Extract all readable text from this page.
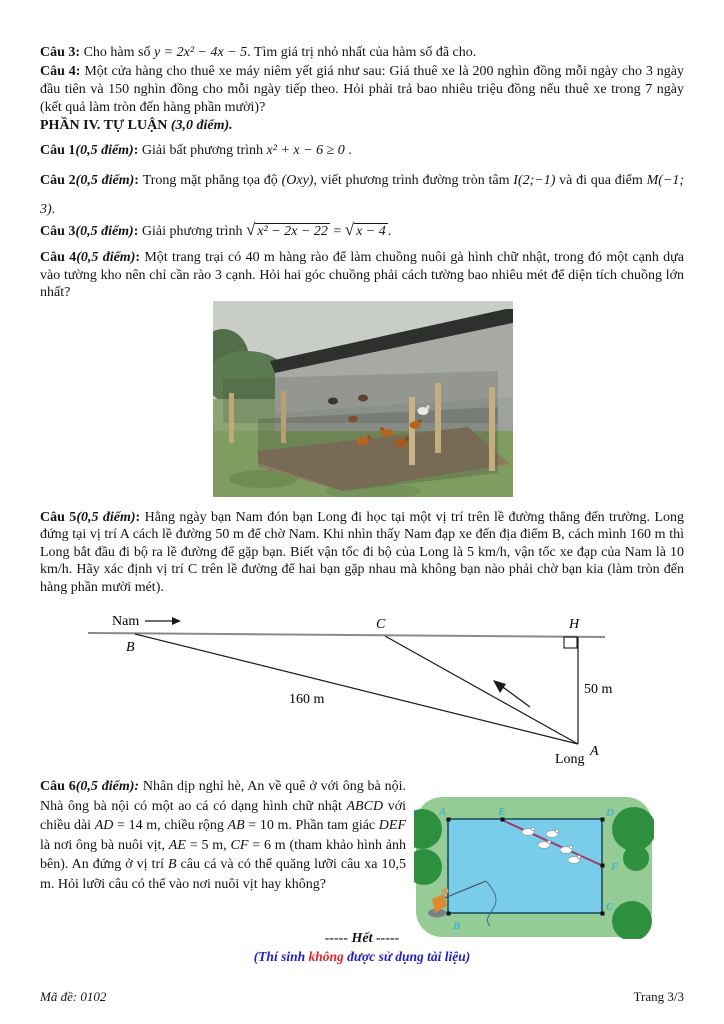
Câu 3: Cho hàm số y = 2x² − 4x − 5. Tìm giá trị nhỏ nhất của hàm số đã cho.
Câu 4: Một cửa hàng cho thuê xe máy niêm yết giá như sau: Giá thuê xe là 200 nghìn đồng mỗi ngày cho 3 ngày đầu tiên và 150 nghìn đồng cho mỗi ngày tiếp theo. Hỏi phải trả bao nhiêu triệu đồng nếu thuê xe trong 7 ngày (kết quả làm tròn đến hàng phần mười)?
PHẦN IV. TỰ LUẬN (3,0 điểm).
Câu 1(0,5 điểm): Giải bất phương trình x² + x − 6 ≥ 0 .
Câu 2(0,5 điểm): Trong mặt phẳng tọa độ (Oxy), viết phương trình đường tròn tâm I(2;−1) và đi qua điểm M(−1; 3).
Câu 3(0,5 điểm): Giải phương trình √ x² − 2x − 22 = √ x − 4 .
Câu 4(0,5 điểm): Một trang trại có 40 m hàng rào để làm chuồng nuôi gà hình chữ nhật, trong đó một cạnh dựa vào tường kho nên chỉ cần rào 3 cạnh. Hỏi hai góc chuồng phải cách tường bao nhiêu mét để diện tích chuồng lớn nhất?
Câu 5(0,5 điểm): Hằng ngày bạn Nam đón bạn Long đi học tại một vị trí trên lề đường thẳng đến trường. Long đứng tại vị trí A cách lề đường 50 m để chờ Nam. Khi nhìn thấy Nam đạp xe đến địa điểm B, cách mình 160 m thì Long bắt đầu đi bộ ra lề đường để gặp bạn. Biết vận tốc đi bộ của Long là 5 km/h, vận tốc xe đạp của Nam là 10 km/h. Hãy xác định vị trí C trên lề đường để hai bạn gặp nhau mà không bạn nào phải chờ bạn kia (làm tròn đến hàng phần mười mét).
Nam
B
C	H
160 m
50 m
Long
A
Câu 6(0,5 điểm): Nhân dịp nghỉ hè, An về quê ở với ông bà nội. Nhà ông bà nội có một ao cá có dạng hình chữ nhật ABCD với chiều dài AD = 14 m, chiều rộng AB = 10 m. Phần tam giác DEF là nơi ông bà nuôi vịt, AE = 5 m, CF = 6 m (tham khảo hình ảnh bên). An đứng ở vị trí B câu cá và có thể quăng lưỡi câu xa 10,5 m. Hỏi lưỡi câu có thể vào nơi nuôi vịt hay không?
A	E	D
F
C
B
----- Hết -----
(Thí sinh không được sử dụng tài liệu)
Mã đề: 0102	Trang 3/3
